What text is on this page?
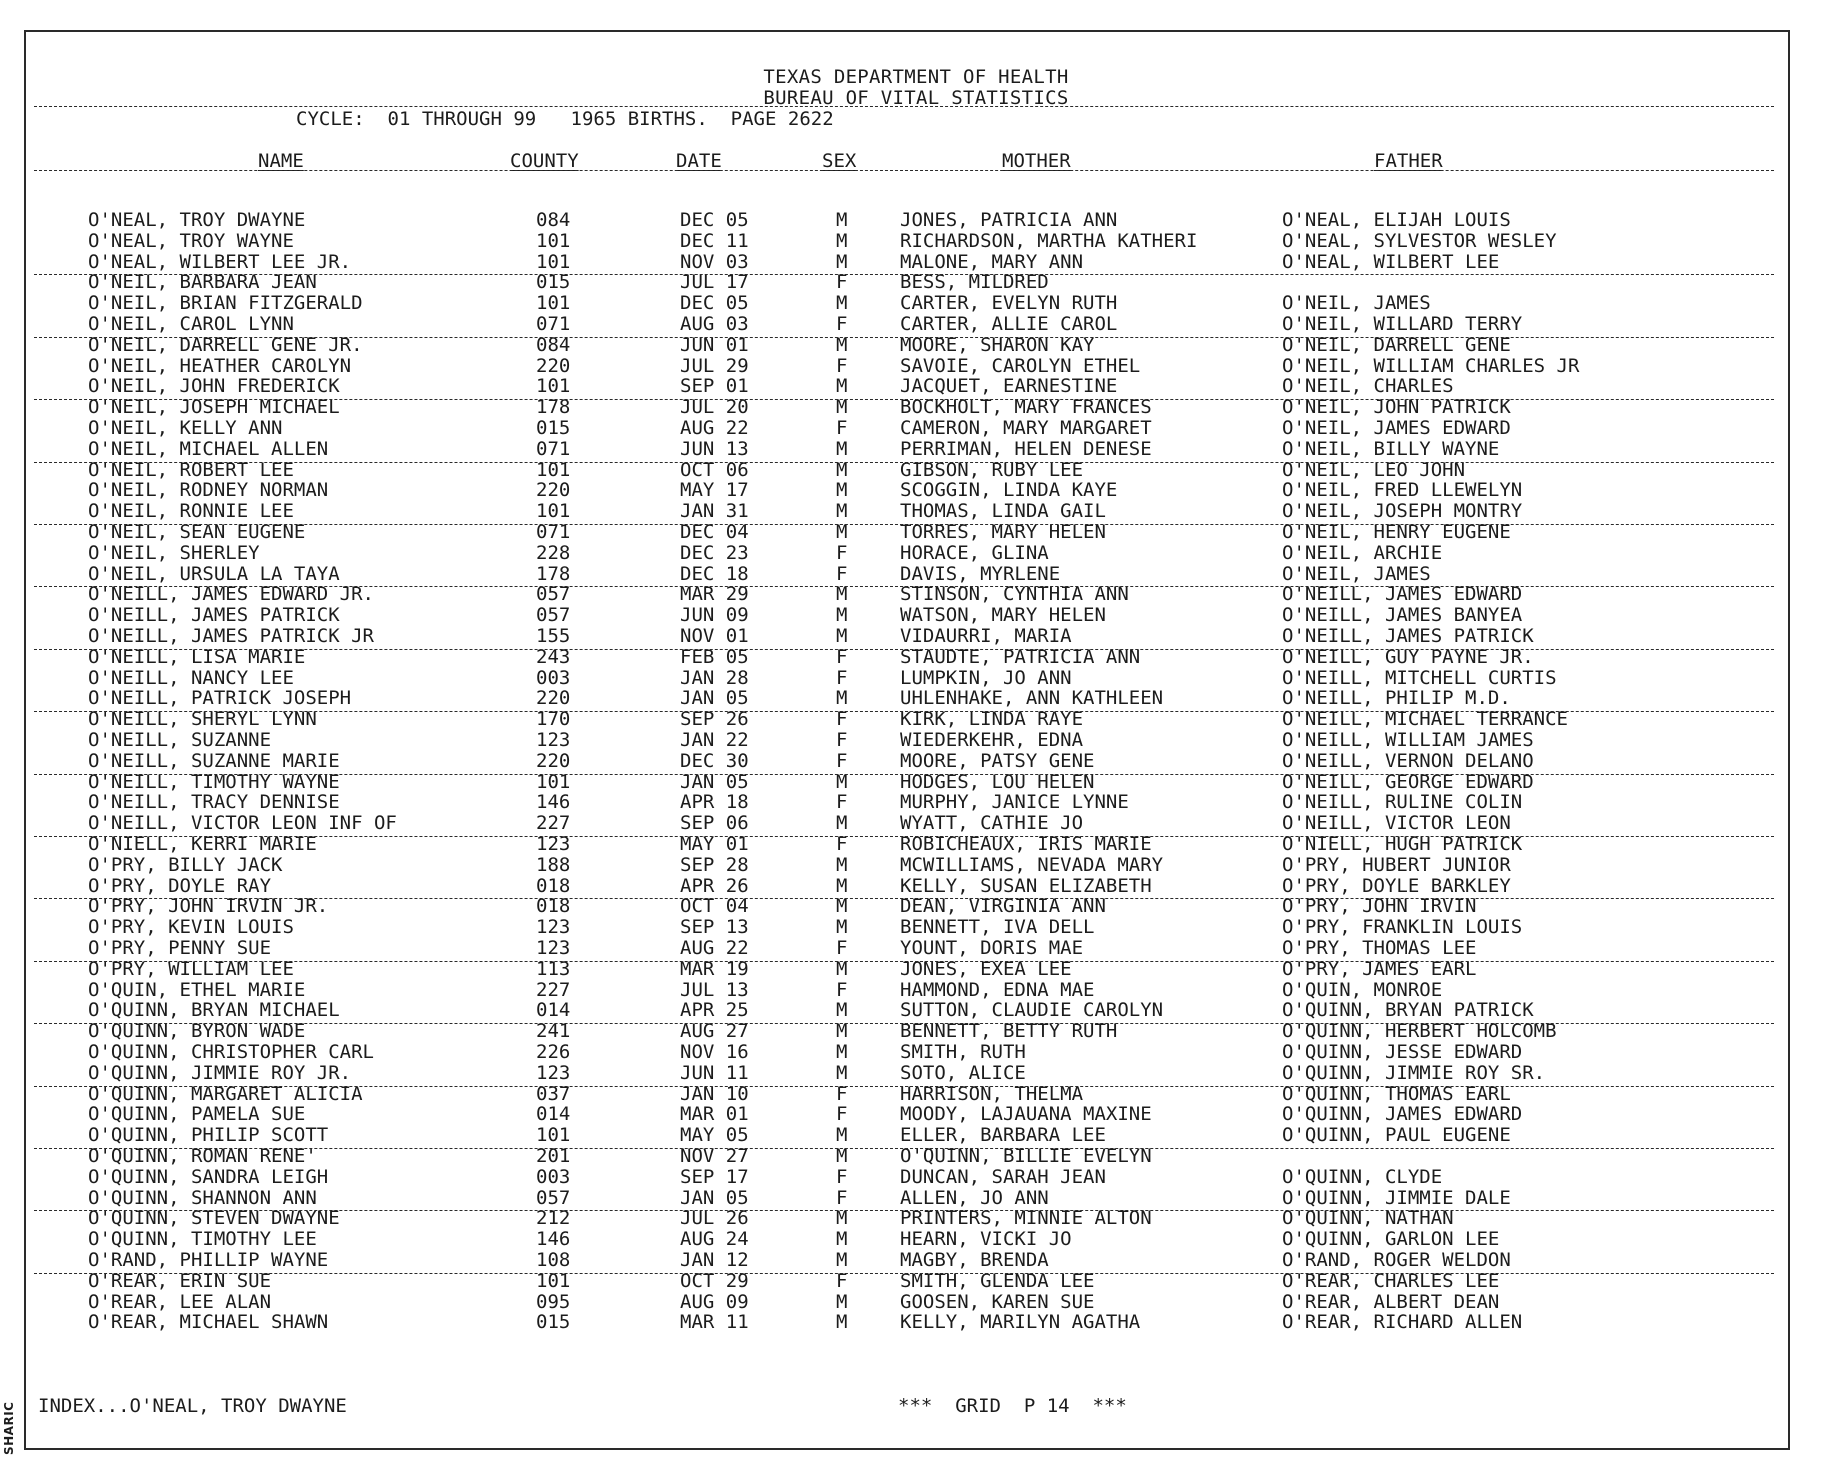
SHARIC
TEXAS DEPARTMENT OF HEALTH
BUREAU OF VITAL STATISTICS
CYCLE:  01 THROUGH 99   1965 BIRTHS.  PAGE 2622
NAME	COUNTY	DATE	SEX	MOTHER	FATHER
O'NEAL, TROY DWAYNE	084	DEC 05	M	JONES, PATRICIA ANN	O'NEAL, ELIJAH LOUIS
O'NEAL, TROY WAYNE	101	DEC 11	M	RICHARDSON, MARTHA KATHERI	O'NEAL, SYLVESTOR WESLEY
O'NEAL, WILBERT LEE JR.	101	NOV 03	M	MALONE, MARY ANN	O'NEAL, WILBERT LEE
O'NEIL, BARBARA JEAN	015	JUL 17	F	BESS, MILDRED
O'NEIL, BRIAN FITZGERALD	101	DEC 05	M	CARTER, EVELYN RUTH	O'NEIL, JAMES
O'NEIL, CAROL LYNN	071	AUG 03	F	CARTER, ALLIE CAROL	O'NEIL, WILLARD TERRY
O'NEIL, DARRELL GENE JR.	084	JUN 01	M	MOORE, SHARON KAY	O'NEIL, DARRELL GENE
O'NEIL, HEATHER CAROLYN	220	JUL 29	F	SAVOIE, CAROLYN ETHEL	O'NEIL, WILLIAM CHARLES JR
O'NEIL, JOHN FREDERICK	101	SEP 01	M	JACQUET, EARNESTINE	O'NEIL, CHARLES
O'NEIL, JOSEPH MICHAEL	178	JUL 20	M	BOCKHOLT, MARY FRANCES	O'NEIL, JOHN PATRICK
O'NEIL, KELLY ANN	015	AUG 22	F	CAMERON, MARY MARGARET	O'NEIL, JAMES EDWARD
O'NEIL, MICHAEL ALLEN	071	JUN 13	M	PERRIMAN, HELEN DENESE	O'NEIL, BILLY WAYNE
O'NEIL, ROBERT LEE	101	OCT 06	M	GIBSON, RUBY LEE	O'NEIL, LEO JOHN
O'NEIL, RODNEY NORMAN	220	MAY 17	M	SCOGGIN, LINDA KAYE	O'NEIL, FRED LLEWELYN
O'NEIL, RONNIE LEE	101	JAN 31	M	THOMAS, LINDA GAIL	O'NEIL, JOSEPH MONTRY
O'NEIL, SEAN EUGENE	071	DEC 04	M	TORRES, MARY HELEN	O'NEIL, HENRY EUGENE
O'NEIL, SHERLEY	228	DEC 23	F	HORACE, GLINA	O'NEIL, ARCHIE
O'NEIL, URSULA LA TAYA	178	DEC 18	F	DAVIS, MYRLENE	O'NEIL, JAMES
O'NEILL, JAMES EDWARD JR.	057	MAR 29	M	STINSON, CYNTHIA ANN	O'NEILL, JAMES EDWARD
O'NEILL, JAMES PATRICK	057	JUN 09	M	WATSON, MARY HELEN	O'NEILL, JAMES BANYEA
O'NEILL, JAMES PATRICK JR	155	NOV 01	M	VIDAURRI, MARIA	O'NEILL, JAMES PATRICK
O'NEILL, LISA MARIE	243	FEB 05	F	STAUDTE, PATRICIA ANN	O'NEILL, GUY PAYNE JR.
O'NEILL, NANCY LEE	003	JAN 28	F	LUMPKIN, JO ANN	O'NEILL, MITCHELL CURTIS
O'NEILL, PATRICK JOSEPH	220	JAN 05	M	UHLENHAKE, ANN KATHLEEN	O'NEILL, PHILIP M.D.
O'NEILL, SHERYL LYNN	170	SEP 26	F	KIRK, LINDA RAYE	O'NEILL, MICHAEL TERRANCE
O'NEILL, SUZANNE	123	JAN 22	F	WIEDERKEHR, EDNA	O'NEILL, WILLIAM JAMES
O'NEILL, SUZANNE MARIE	220	DEC 30	F	MOORE, PATSY GENE	O'NEILL, VERNON DELANO
O'NEILL, TIMOTHY WAYNE	101	JAN 05	M	HODGES, LOU HELEN	O'NEILL, GEORGE EDWARD
O'NEILL, TRACY DENNISE	146	APR 18	F	MURPHY, JANICE LYNNE	O'NEILL, RULINE COLIN
O'NEILL, VICTOR LEON INF OF	227	SEP 06	M	WYATT, CATHIE JO	O'NEILL, VICTOR LEON
O'NIELL, KERRI MARIE	123	MAY 01	F	ROBICHEAUX, IRIS MARIE	O'NIELL, HUGH PATRICK
O'PRY, BILLY JACK	188	SEP 28	M	MCWILLIAMS, NEVADA MARY	O'PRY, HUBERT JUNIOR
O'PRY, DOYLE RAY	018	APR 26	M	KELLY, SUSAN ELIZABETH	O'PRY, DOYLE BARKLEY
O'PRY, JOHN IRVIN JR.	018	OCT 04	M	DEAN, VIRGINIA ANN	O'PRY, JOHN IRVIN
O'PRY, KEVIN LOUIS	123	SEP 13	M	BENNETT, IVA DELL	O'PRY, FRANKLIN LOUIS
O'PRY, PENNY SUE	123	AUG 22	F	YOUNT, DORIS MAE	O'PRY, THOMAS LEE
O'PRY, WILLIAM LEE	113	MAR 19	M	JONES, EXEA LEE	O'PRY, JAMES EARL
O'QUIN, ETHEL MARIE	227	JUL 13	F	HAMMOND, EDNA MAE	O'QUIN, MONROE
O'QUINN, BRYAN MICHAEL	014	APR 25	M	SUTTON, CLAUDIE CAROLYN	O'QUINN, BRYAN PATRICK
O'QUINN, BYRON WADE	241	AUG 27	M	BENNETT, BETTY RUTH	O'QUINN, HERBERT HOLCOMB
O'QUINN, CHRISTOPHER CARL	226	NOV 16	M	SMITH, RUTH	O'QUINN, JESSE EDWARD
O'QUINN, JIMMIE ROY JR.	123	JUN 11	M	SOTO, ALICE	O'QUINN, JIMMIE ROY SR.
O'QUINN, MARGARET ALICIA	037	JAN 10	F	HARRISON, THELMA	O'QUINN, THOMAS EARL
O'QUINN, PAMELA SUE	014	MAR 01	F	MOODY, LAJAUANA MAXINE	O'QUINN, JAMES EDWARD
O'QUINN, PHILIP SCOTT	101	MAY 05	M	ELLER, BARBARA LEE	O'QUINN, PAUL EUGENE
O'QUINN, ROMAN RENE'	201	NOV 27	M	O'QUINN, BILLIE EVELYN
O'QUINN, SANDRA LEIGH	003	SEP 17	F	DUNCAN, SARAH JEAN	O'QUINN, CLYDE
O'QUINN, SHANNON ANN	057	JAN 05	F	ALLEN, JO ANN	O'QUINN, JIMMIE DALE
O'QUINN, STEVEN DWAYNE	212	JUL 26	M	PRINTERS, MINNIE ALTON	O'QUINN, NATHAN
O'QUINN, TIMOTHY LEE	146	AUG 24	M	HEARN, VICKI JO	O'QUINN, GARLON LEE
O'RAND, PHILLIP WAYNE	108	JAN 12	M	MAGBY, BRENDA	O'RAND, ROGER WELDON
O'REAR, ERIN SUE	101	OCT 29	F	SMITH, GLENDA LEE	O'REAR, CHARLES LEE
O'REAR, LEE ALAN	095	AUG 09	M	GOOSEN, KAREN SUE	O'REAR, ALBERT DEAN
O'REAR, MICHAEL SHAWN	015	MAR 11	M	KELLY, MARILYN AGATHA	O'REAR, RICHARD ALLEN
INDEX...O'NEAL, TROY DWAYNE	***  GRID  P 14  ***
